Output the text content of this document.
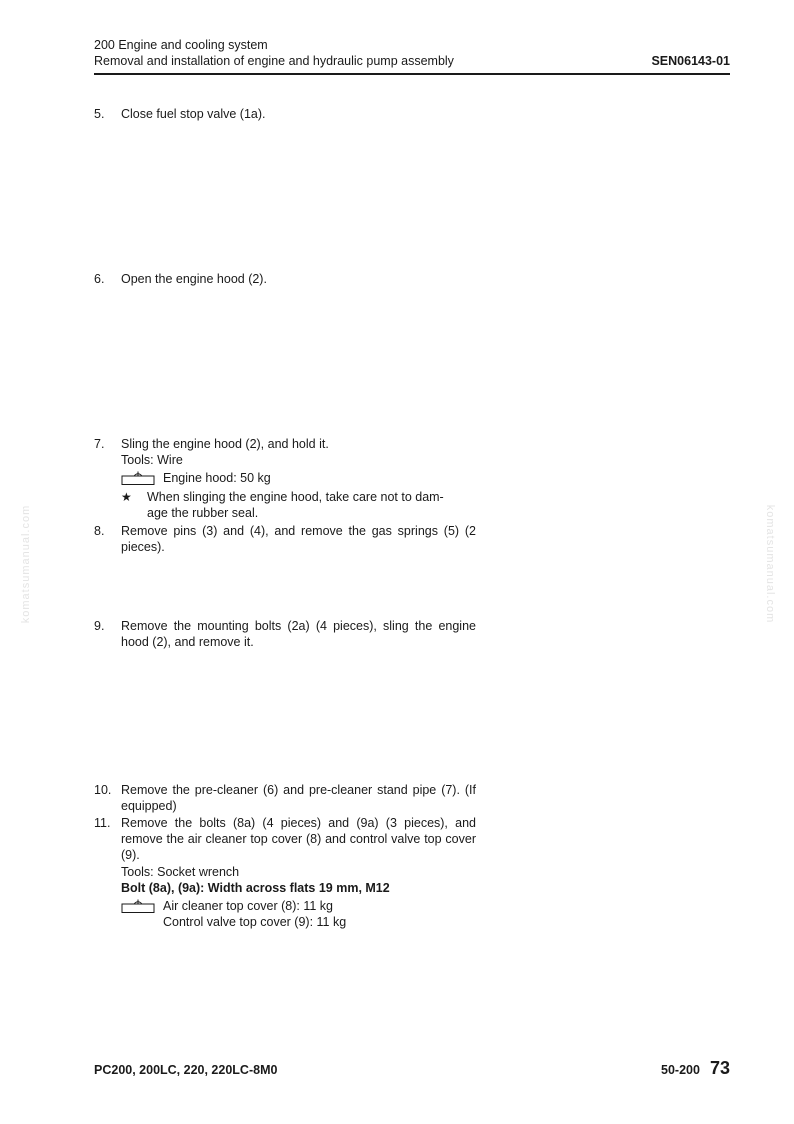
200 Engine and cooling system
Removal and installation of engine and hydraulic pump assembly	SEN06143-01
5.	Close fuel stop valve (1a).
6.	Open the engine hood (2).
7.	Sling the engine hood (2), and hold it.
Tools: Wire
Engine hood: 50 kg
★	When slinging the engine hood, take care not to dam-
age the rubber seal.
8.	Remove pins (3) and (4), and remove the gas springs (5) (2 pieces).
9.	Remove the mounting bolts (2a) (4 pieces), sling the engine hood (2), and remove it.
10. Remove the pre-cleaner (6) and pre-cleaner stand pipe (7). (If equipped)
11. Remove the bolts (8a) (4 pieces) and (9a) (3 pieces), and remove the air cleaner top cover (8) and control valve top cover (9).
Tools: Socket wrench
Bolt (8a), (9a): Width across flats 19 mm, M12
Air cleaner top cover (8): 11 kg
Control valve top cover (9): 11 kg
komatsumanual.com	komatsumanual.com
PC200, 200LC, 220, 220LC-8M0	50-200 73
